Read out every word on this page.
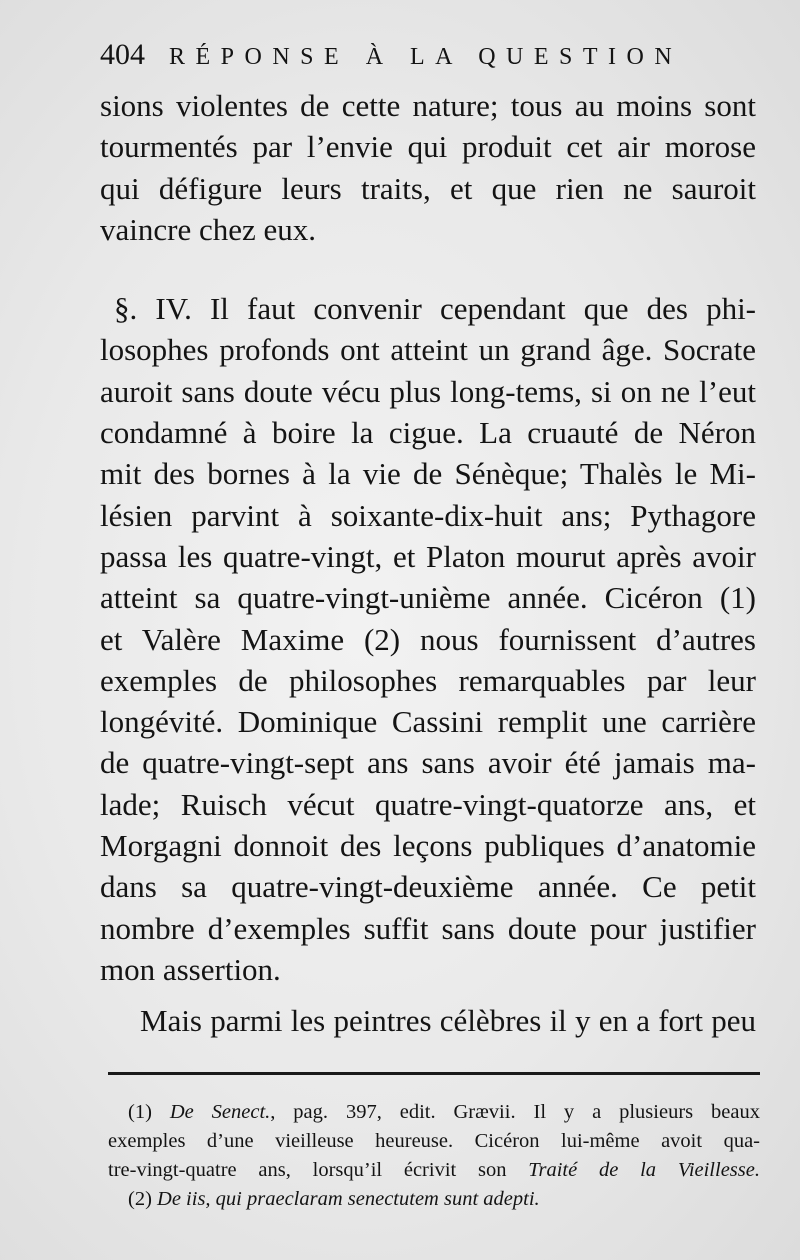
404 RÉPONSE À LA QUESTION
sions violentes de cette nature; tous au moins sont
tourmentés par l’envie qui produit cet air morose
qui défigure leurs traits, et que rien ne sauroit
vaincre chez eux.
§. IV. Il faut convenir cependant que des phi-
losophes profonds ont atteint un grand âge. Socrate
auroit sans doute vécu plus long-tems, si on ne l’eut
condamné à boire la cigue. La cruauté de Néron
mit des bornes à la vie de Sénèque; Thalès le Mi-
lésien parvint à soixante-dix-huit ans; Pythagore
passa les quatre-vingt, et Platon mourut après avoir
atteint sa quatre-vingt-unième année. Cicéron (1)
et Valère Maxime (2) nous fournissent d’autres
exemples de philosophes remarquables par leur
longévité. Dominique Cassini remplit une carrière
de quatre-vingt-sept ans sans avoir été jamais ma-
lade; Ruisch vécut quatre-vingt-quatorze ans, et
Morgagni donnoit des leçons publiques d’anatomie
dans sa quatre-vingt-deuxième année. Ce petit
nombre d’exemples suffit sans doute pour justifier
mon assertion.
Mais parmi les peintres célèbres il y en a fort peu
(1) De Senect., pag. 397, edit. Grævii. Il y a plusieurs beaux
exemples d’une vieilleuse heureuse. Cicéron lui-même avoit qua-
tre-vingt-quatre ans, lorsqu’il écrivit son Traité de la Vieillesse.
(2) De iis, qui praeclaram senectutem sunt adepti.
